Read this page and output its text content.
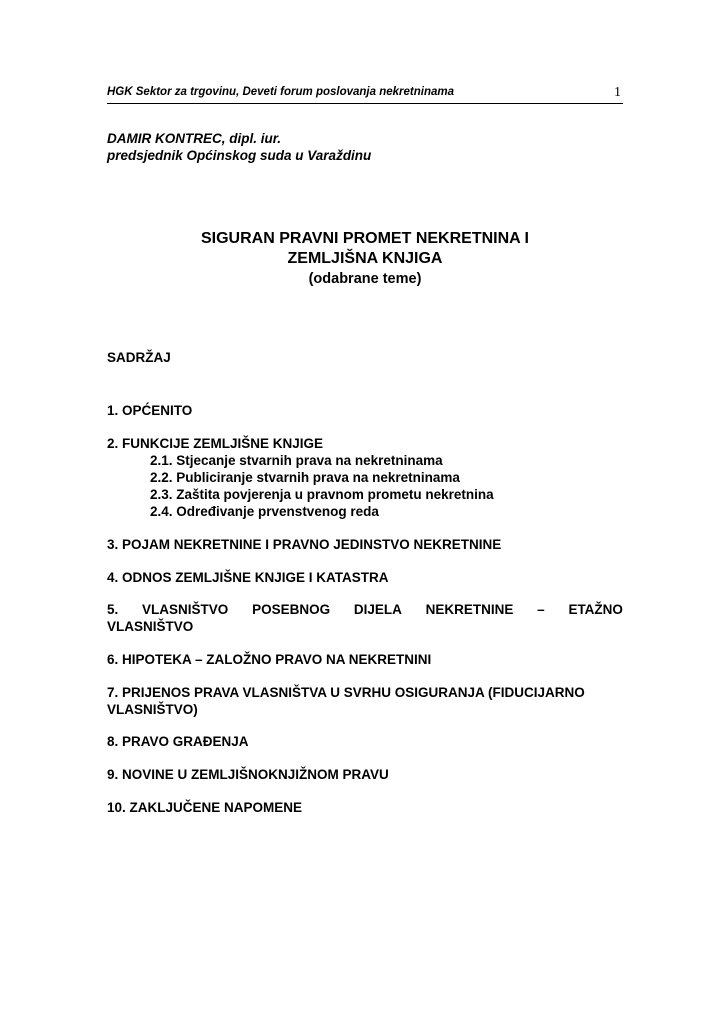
HGK Sektor za trgovinu, Deveti forum poslovanja nekretninama	1
DAMIR KONTREC, dipl. iur.
predsjednik Općinskog suda u Varaždinu
SIGURAN PRAVNI PROMET NEKRETNINA I
ZEMLJIŠNA KNJIGA
(odabrane teme)
SADRŽAJ
1. OPĆENITO
2. FUNKCIJE ZEMLJIŠNE KNJIGE
2.1. Stjecanje stvarnih prava na nekretninama
2.2. Publiciranje stvarnih prava na nekretninama
2.3. Zaštita povjerenja u pravnom prometu nekretnina
2.4. Određivanje prvenstvenog reda
3. POJAM NEKRETNINE I PRAVNO JEDINSTVO NEKRETNINE
4. ODNOS ZEMLJIŠNE KNJIGE I KATASTRA
5. VLASNIŠTVO POSEBNOG DIJELA NEKRETNINE – ETAŽNO
VLASNIŠTVO
6. HIPOTEKA – ZALOŽNO PRAVO NA NEKRETNINI
7. PRIJENOS PRAVA VLASNIŠTVA U SVRHU OSIGURANJA (FIDUCIJARNO
VLASNIŠTVO)
8. PRAVO GRAĐENJA
9. NOVINE U ZEMLJIŠNOKNJIŽNOM PRAVU
10. ZAKLJUČENE NAPOMENE
